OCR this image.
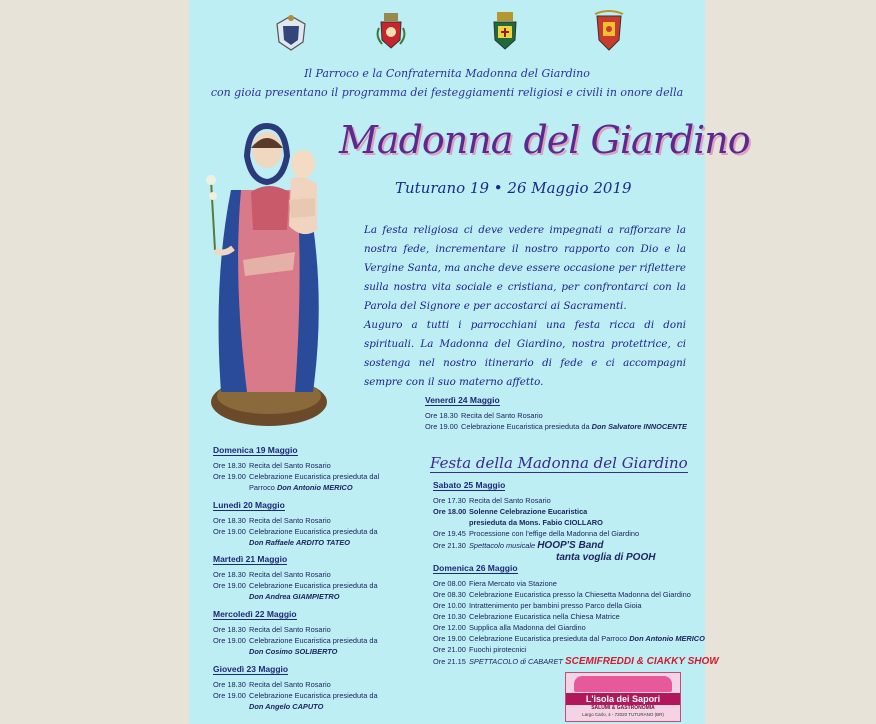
Il Parroco e la Confraternita Madonna del Giardino
con gioia presentano il programma dei festeggiamenti religiosi e civili in onore della
Madonna del Giardino
Tuturano 19 • 26 Maggio 2019

La festa religiosa ci deve vedere impegnati a rafforzare la nostra fede, incrementare il nostro rapporto con Dio e la Vergine Santa, ma anche deve essere occasione per riflettere sulla nostra vita sociale e cristiana, per confrontarci con la Parola del Signore e per accostarci ai Sacramenti.

Auguro a tutti i parrocchiani una festa ricca di doni spirituali. La Madonna del Giardino, nostra protettrice, ci sostenga nel nostro itinerario di fede e ci accompagni sempre con il suo materno affetto.

Domenica 19 Maggio
Ore 18.30 Recita del Santo Rosario
Ore 19.00 Celebrazione Eucaristica presieduta dal
Parroco Don Antonio MERICO
Lunedì 20 Maggio
Ore 18.30 Recita del Santo Rosario
Ore 19.00 Celebrazione Eucaristica presieduta da
Don Raffaele ARDITO TATEO
Martedì 21 Maggio
Ore 18.30 Recita del Santo Rosario
Ore 19.00 Celebrazione Eucaristica presieduta da
Don Andrea GIAMPIETRO
Mercoledì 22 Maggio
Ore 18.30 Recita del Santo Rosario
Ore 19.00 Celebrazione Eucaristica presieduta da
Don Cosimo SOLIBERTO
Giovedì 23 Maggio
Ore 18.30 Recita del Santo Rosario
Ore 19.00 Celebrazione Eucaristica presieduta da
Don Angelo CAPUTO
Venerdì 24 Maggio
Ore 18.30 Recita del Santo Rosario
Ore 19.00 Celebrazione Eucaristica presieduta da Don Salvatore INNOCENTE
Festa della Madonna del Giardino
Sabato 25 Maggio
Ore 17.30 Recita del Santo Rosario
Ore 18.00 Solenne Celebrazione Eucaristica
presieduta da Mons. Fabio CIOLLARO
Ore 19.45 Processione con l'effige della Madonna del Giardino
Ore 21.30 Spettacolo musicale HOOP'S Band
tanta voglia di POOH
Domenica 26 Maggio
Ore 08.00 Fiera Mercato via Stazione
Ore 08.30 Celebrazione Eucaristica presso la Chiesetta Madonna del Giardino
Ore 10.00 Intrattenimento per bambini presso Parco della Gioia
Ore 10.30 Celebrazione Eucaristica nella Chiesa Matrice
Ore 12.00 Supplica alla Madonna del Giardino
Ore 19.00 Celebrazione Eucaristica presieduta dal Parroco Don Antonio MERICO
Ore 21.00 Fuochi pirotecnici
Ore 21.15 SPETTACOLO di CABARET SCEMIFREDDI & CIAKKY SHOW
L'isola dei Sapori
SALUMI & GASTRONOMIA
Largo Carlo, 4 - 72020 TUTURANO (BR)
